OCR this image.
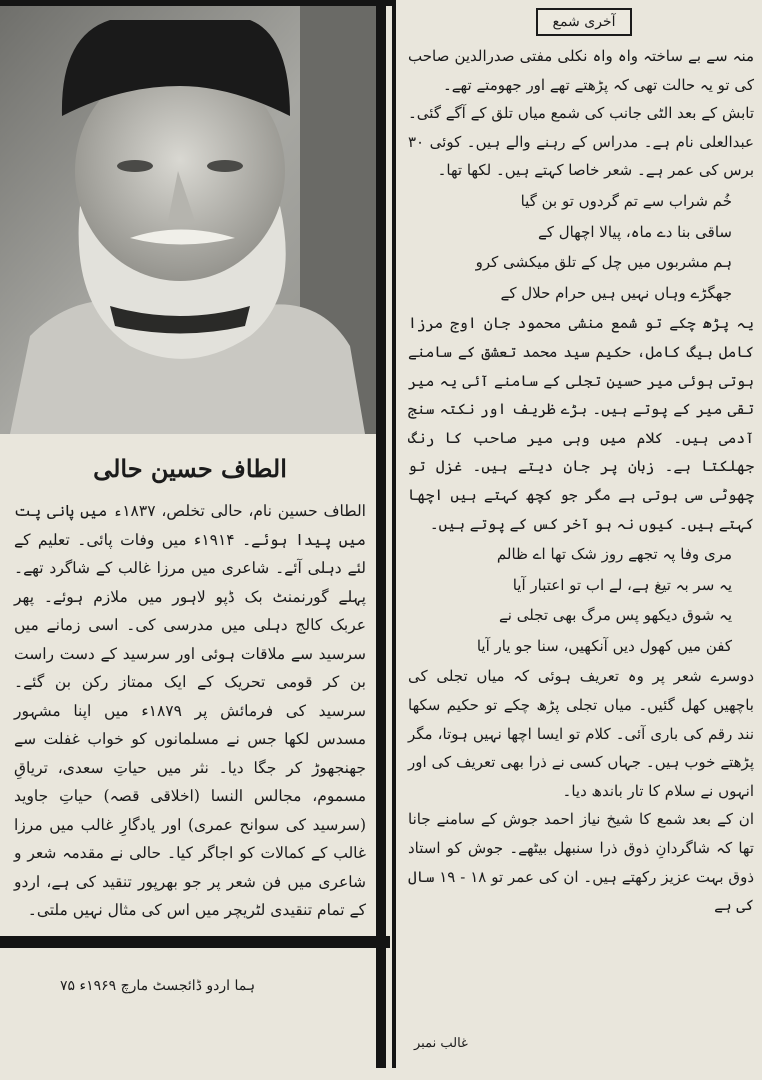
الطاف حسین حالی

الطاف حسین نام، حالی تخلص، ۱۸۳۷ء میں پانی پت میں پیدا ہوئے۔ ۱۹۱۴ء میں وفات پائی۔ تعلیم کے لئے دہلی آئے۔ شاعری میں مرزا غالب کے شاگرد تھے۔ پہلے گورنمنٹ بک ڈپو لاہور میں ملازم ہوئے۔ پھر عربک کالج دہلی میں مدرسی کی۔ اسی زمانے میں سرسید سے ملاقات ہوئی اور سرسید کے دست راست بن کر قومی تحریک کے ایک ممتاز رکن بن گئے۔ سرسید کی فرمائش پر ۱۸۷۹ء میں اپنا مشہور مسدس لکھا جس نے مسلمانوں کو خواب غفلت سے جھنجھوڑ کر جگا دیا۔ نثر میں حیاتِ سعدی، تریاقِ مسموم، مجالس النسا (اخلاقی قصہ) حیاتِ جاوید (سرسید کی سوانح عمری) اور یادگارِ غالب میں مرزا غالب کے کمالات کو اجاگر کیا۔ حالی نے مقدمہ شعر و شاعری میں فن شعر پر جو بھرپور تنقید کی ہے، اردو کے تمام تنقیدی لٹریچر میں اس کی مثال نہیں ملتی۔

ہما اردو ڈائجسٹ مارچ ۱۹۶۹ء ۷۵
آخری شمع

منہ سے بے ساختہ واہ واہ نکلی مفتی صدرالدین صاحب کی تو یہ حالت تھی کہ پڑھتے تھے اور جھومتے تھے۔

تابش کے بعد الٹی جانب کی شمع میاں تلق کے آگے گئی۔ عبدالعلی نام ہے۔ مدراس کے رہنے والے ہیں۔ کوئی ۳۰ برس کی عمر ہے۔ شعر خاصا کہتے ہیں۔ لکھا تھا۔

خُم شراب سے تم گردوں تو بن گیا

ساقی بنا دے ماہ، پیالا اچھال کے

ہم مشربوں میں چل کے تلق میکشی کرو

جھگڑے وہاں نہیں ہیں حرام حلال کے

یہ پڑھ چکے تو شمع منشی محمود جان اوج مرزا کامل بیگ کامل، حکیم سید محمد تعشق کے سامنے ہوتی ہوئی میر حسین تجلی کے سامنے آئی یہ میر تقی میر کے پوتے ہیں۔ بڑے ظریف اور نکتہ سنج آدمی ہیں۔ کلام میں وہی میر صاحب کا رنگ جھلکتا ہے۔ زبان پر جان دیتے ہیں۔ غزل تو چھوٹی سی ہوتی ہے مگر جو کچھ کہتے ہیں اچھا کہتے ہیں۔ کیوں نہ ہو آخر کس کے پوتے ہیں۔

مری وفا پہ تجھے روز شک تھا اے ظالم

یہ سر بہ تیغ ہے، لے اب تو اعتبار آیا

یہ شوق دیکھو پس مرگ بھی تجلی نے

کفن میں کھول دیں آنکھیں، سنا جو یار آیا

دوسرے شعر پر وہ تعریف ہوئی کہ میاں تجلی کی باچھیں کھل گئیں۔ میاں تجلی پڑھ چکے تو حکیم سکھا نند رقم کی باری آئی۔ کلام تو ایسا اچھا نہیں ہوتا، مگر پڑھتے خوب ہیں۔ جہاں کسی نے ذرا بھی تعریف کی اور انہوں نے سلام کا تار باندھ دیا۔

ان کے بعد شمع کا شیخ نیاز احمد جوش کے سامنے جانا تھا کہ شاگردانِ ذوق ذرا سنبھل بیٹھے۔ جوش کو استاد ذوق بہت عزیز رکھتے ہیں۔ ان کی عمر تو ۱۸ - ۱۹ سال کی ہے

غالب نمبر
